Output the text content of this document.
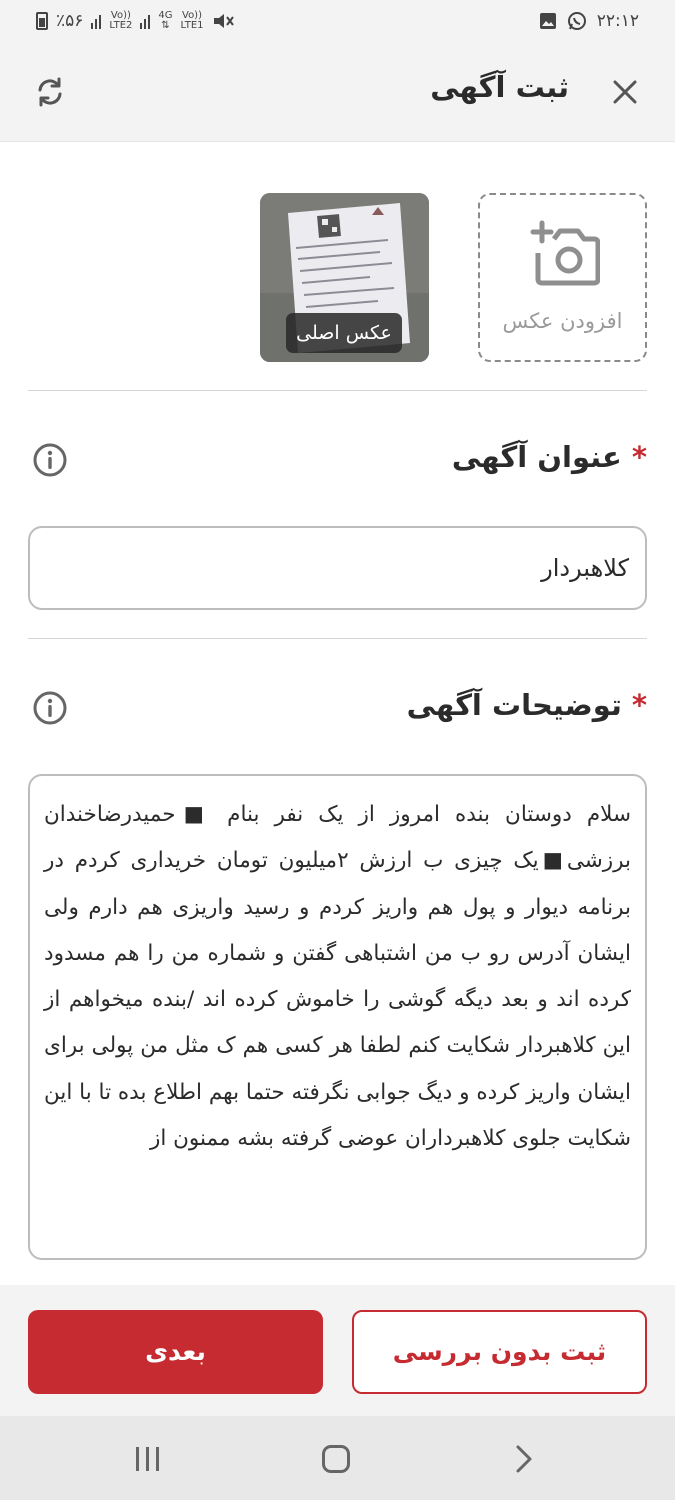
٪۵۶	Vo))
LTE2
4G
⇅
Vo))
LTE1	۲۲:۱۲
ثبت آگهی
افزودن عکس
عکس اصلی
*عنوان آگهی
کلاهبردار
*توضیحات آگهی
سلام دوستان بنده امروز از یک نفر بنام ■حمیدرضاخندان برزشی■یک چیزی ب ارزش ۲میلیون تومان خریداری کردم در برنامه دیوار و پول هم واریز کردم و رسید واریزی هم دارم ولی ایشان آدرس رو ب من اشتباهی گفتن و شماره من را هم مسدود کرده اند و بعد دیگه گوشی را خاموش کرده اند /بنده میخواهم از این کلاهبردار شکایت کنم لطفا هر کسی هم ک مثل من پولی برای ایشان واریز کرده و دیگ جوابی نگرفته حتما بهم اطلاع بده تا با این شکایت جلوی کلاهبرداران عوضی گرفته بشه ممنون از
بعدی	ثبت بدون بررسی
